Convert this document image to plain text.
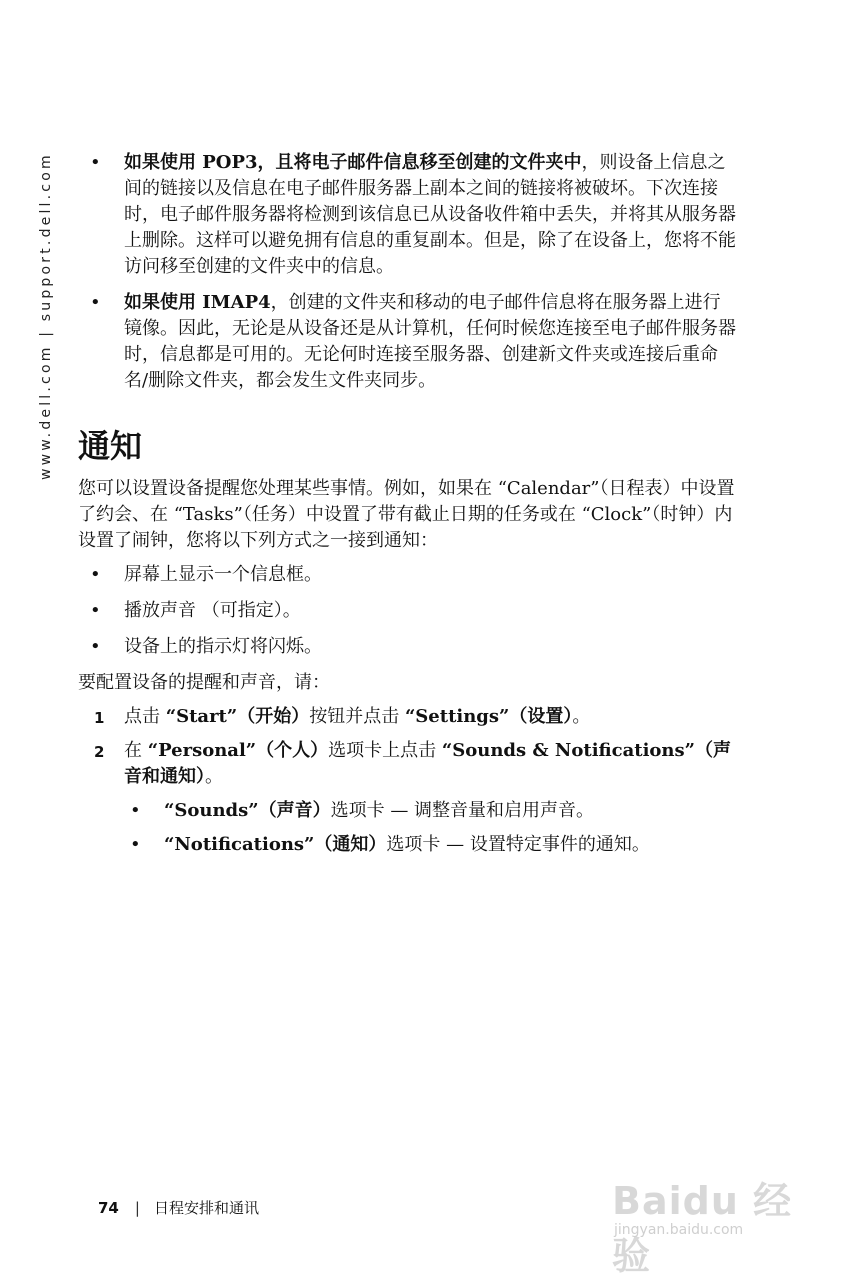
www.dell.com | support.dell.com • 如果使用 POP3，且将电子邮件信息移至创建的文件夹中，则设备上信息之间的链接以及信息在电子邮件服务器上副本之间的链接将被破坏。下次连接时，电子邮件服务器将检测到该信息已从设备收件箱中丢失，并将其从服务器上删除。这样可以避免拥有信息的重复副本。但是，除了在设备上，您将不能访问移至创建的文件夹中的信息。

• 如果使用 IMAP4，创建的文件夹和移动的电子邮件信息将在服务器上进行镜像。因此，无论是从设备还是从计算机，任何时候您连接至电子邮件服务器时，信息都是可用的。无论何时连接至服务器、创建新文件夹或连接后重命名/删除文件夹，都会发生文件夹同步。

通知

您可以设置设备提醒您处理某些事情。例如，如果在 “Calendar”（日程表）中设置了约会、在 “Tasks”（任务）中设置了带有截止日期的任务或在 “Clock”（时钟）内设置了闹钟，您将以下列方式之一接到通知：

• 屏幕上显示一个信息框。

• 播放声音 （可指定）。

• 设备上的指示灯将闪烁。

要配置设备的提醒和声音，请：

1 点击 “Start”（开始）按钮并点击 “Settings”（设置）。

2 在 “Personal”（个人）选项卡上点击 “Sounds & Notifications”（声音和通知）。

• “Sounds”（声音）选项卡 — 调整音量和启用声音。

• “Notifications”（通知）选项卡 — 设置特定事件的通知。

74 | 日程安排和通讯	Baidu 经验
jingyan.baidu.com
